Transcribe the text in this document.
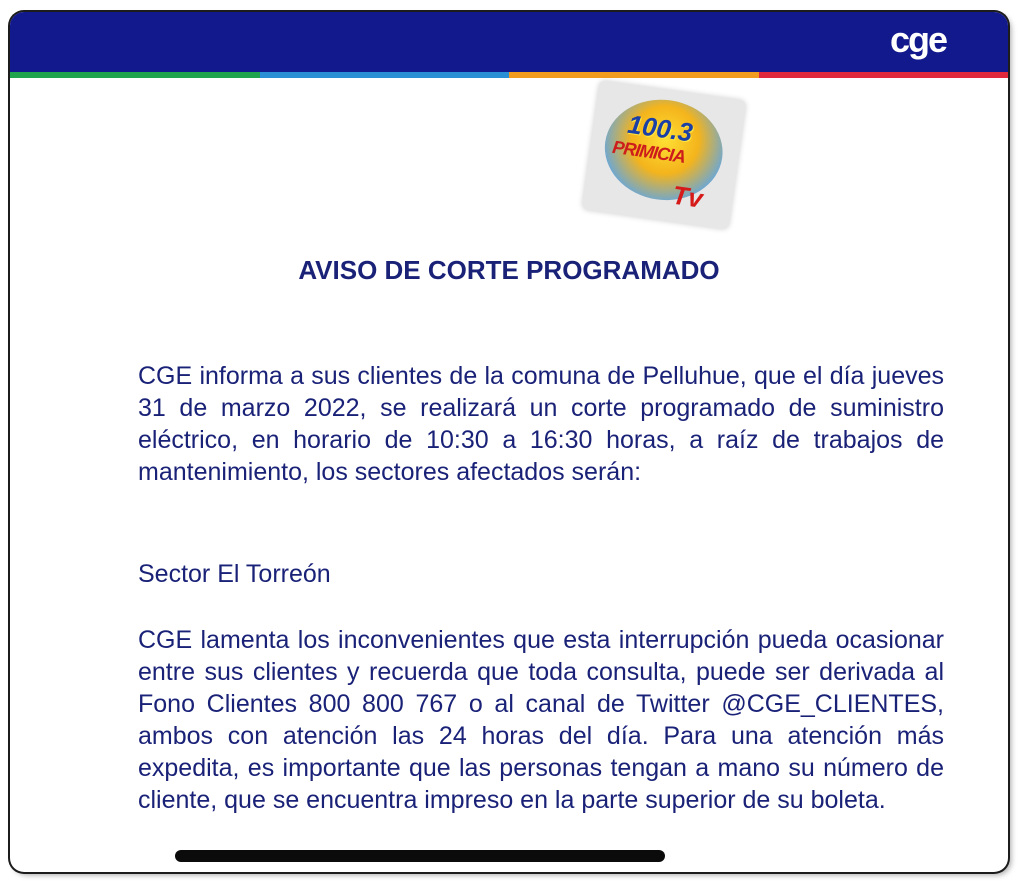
cge
100.3
PRIMICIA
Tv
AVISO DE CORTE PROGRAMADO

CGE informa a sus clientes de la comuna de Pelluhue, que el día jueves 31 de marzo 2022, se realizará un corte programado de suministro eléctrico, en horario de 10:30 a 16:30 horas, a raíz de trabajos de mantenimiento, los sectores afectados serán:

Sector El Torreón

CGE lamenta los inconvenientes que esta interrupción pueda ocasionar entre sus clientes y recuerda que toda consulta, puede ser derivada al Fono Clientes 800 800 767 o al canal de Twitter @CGE_CLIENTES, ambos con atención las 24 horas del día. Para una atención más expedita, es importante que las personas tengan a mano su número de cliente, que se encuentra impreso en la parte superior de su boleta.
